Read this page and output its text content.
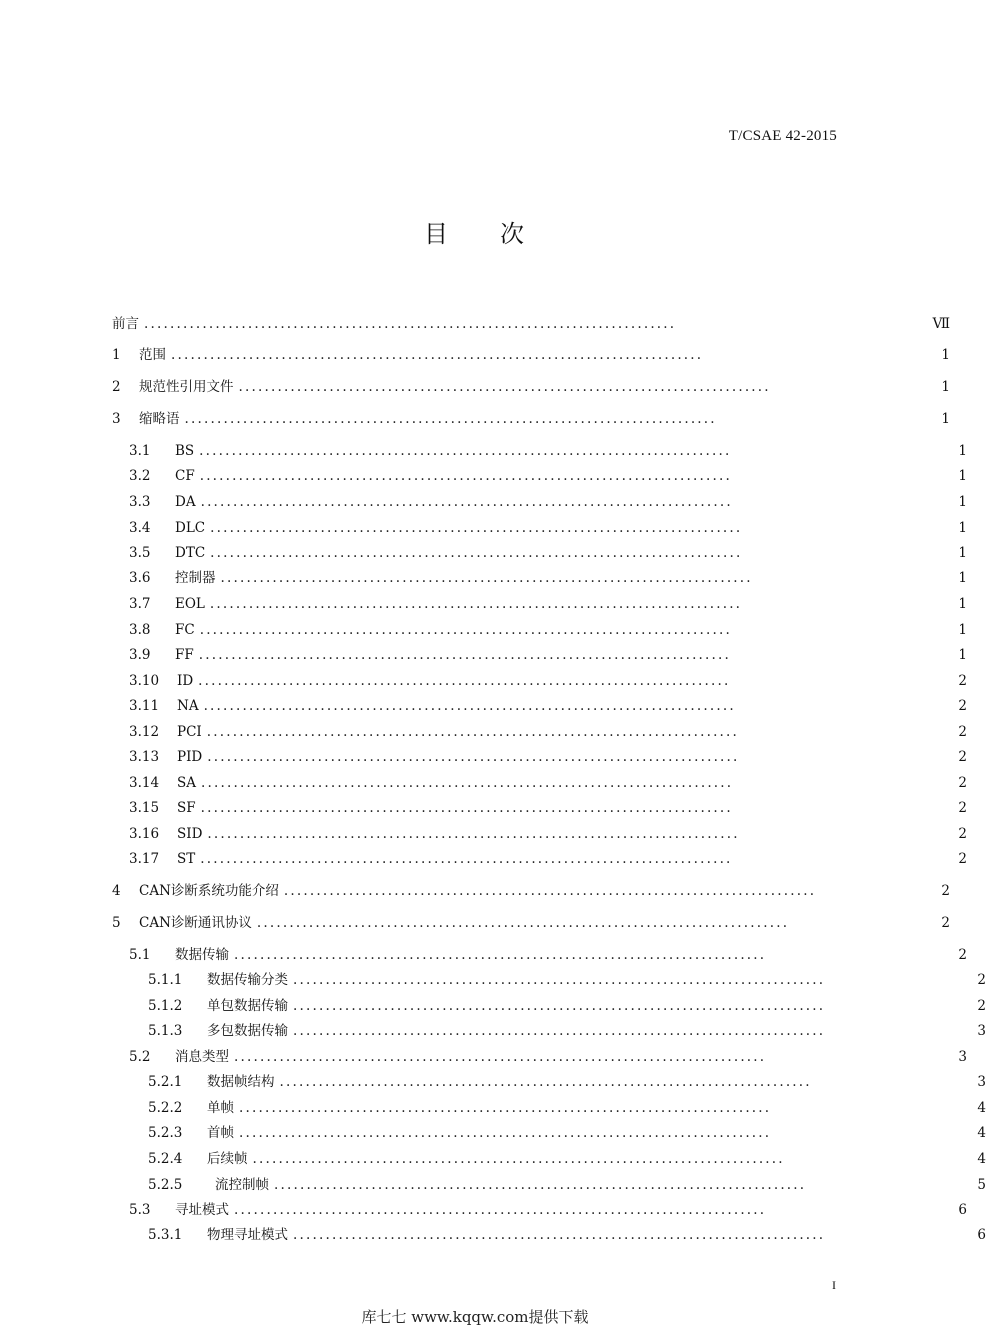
T/CSAE 42-2015
目 次
前言 ..................................................................................	Ⅶ
1	范围 ..................................................................................	1
2	规范性引用文件 ..................................................................................	1
3	缩略语 ..................................................................................	1
3.1	BS ..................................................................................	1
3.2	CF ..................................................................................	1
3.3	DA ..................................................................................	1
3.4	DLC ..................................................................................	1
3.5	DTC ..................................................................................	1
3.6	控制器 ..................................................................................	1
3.7	EOL ..................................................................................	1
3.8	FC ..................................................................................	1
3.9	FF ..................................................................................	1
3.10	ID ..................................................................................	2
3.11	NA ..................................................................................	2
3.12	PCI ..................................................................................	2
3.13	PID ..................................................................................	2
3.14	SA ..................................................................................	2
3.15	SF ..................................................................................	2
3.16	SID ..................................................................................	2
3.17	ST ..................................................................................	2
4	CAN诊断系统功能介绍 ..................................................................................	2
5	CAN诊断通讯协议 ..................................................................................	2
5.1	数据传输 ..................................................................................	2
5.1.1	数据传输分类 ..................................................................................	2
5.1.2	单包数据传输 ..................................................................................	2
5.1.3	多包数据传输 ..................................................................................	3
5.2	消息类型 ..................................................................................	3
5.2.1	数据帧结构 ..................................................................................	3
5.2.2	单帧 ..................................................................................	4
5.2.3	首帧 ..................................................................................	4
5.2.4	后续帧 ..................................................................................	4
5.2.5	流控制帧 ..................................................................................	5
5.3	寻址模式 ..................................................................................	6
5.3.1	物理寻址模式 ..................................................................................	6
I
库七七 www.kqqw.com提供下载
